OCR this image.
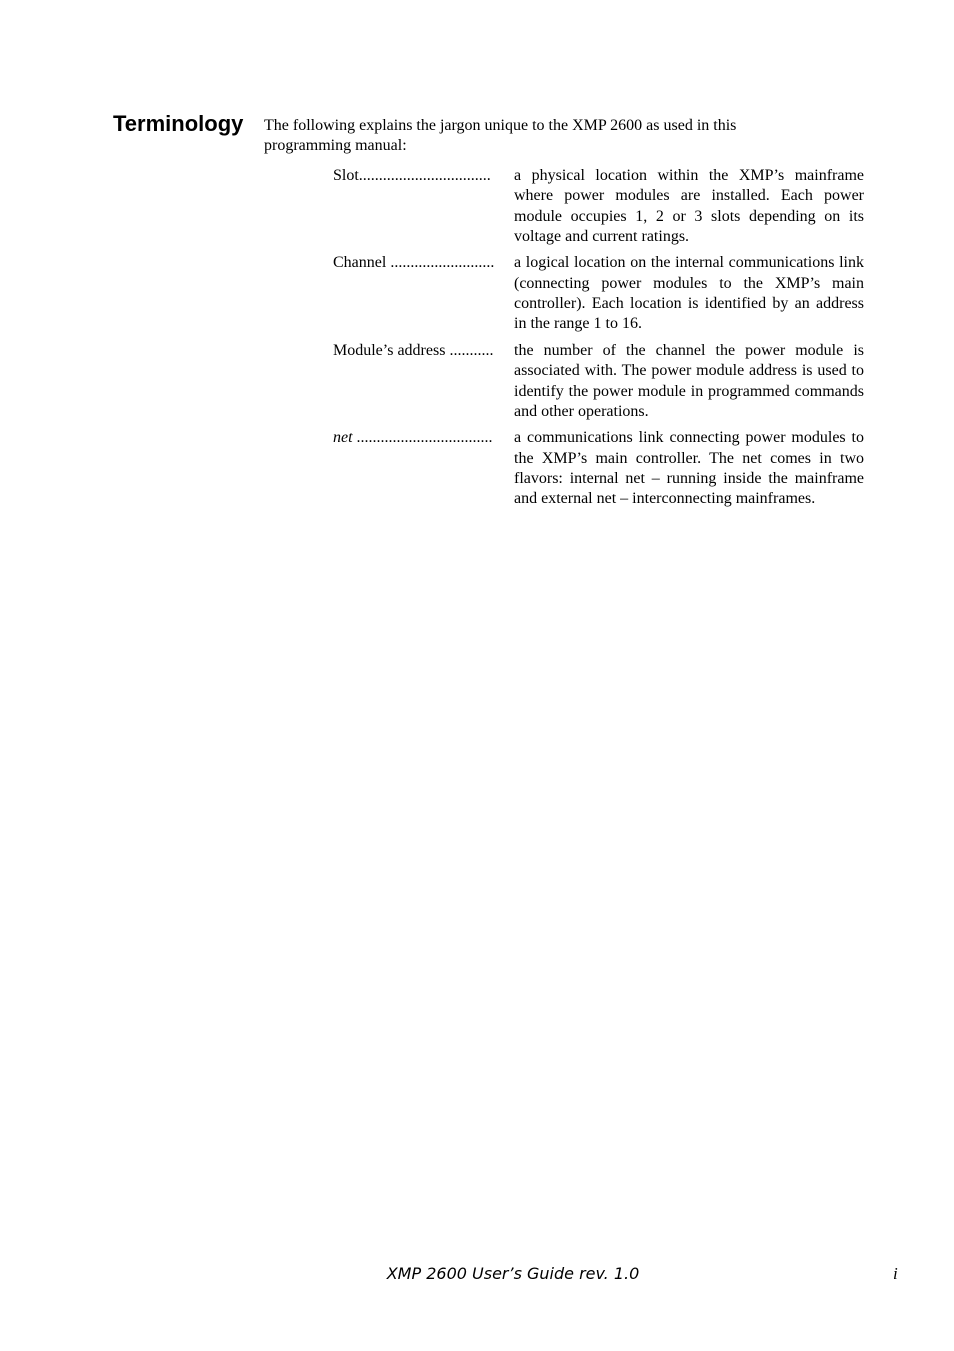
Terminology The following explains the jargon unique to the XMP 2600 as used in this programming manual:

Slot.................................	a physical location within the XMP’s mainframe where power modules are installed. Each power module occupies 1, 2 or 3 slots depending on its voltage and current ratings.
Channel ..........................	a logical location on the internal communications link (connecting power modules to the XMP’s main controller). Each location is identified by an address in the range 1 to 16.
Module’s address ...........	the number of the channel the power module is associated with. The power module address is used to identify the power module in programmed commands and other operations.
net ..................................	a communications link connecting power modules to the XMP’s main controller. The net comes in two flavors: internal net – running inside the mainframe and external net – interconnecting mainframes.
XMP 2600 User’s Guide rev. 1.0	i
